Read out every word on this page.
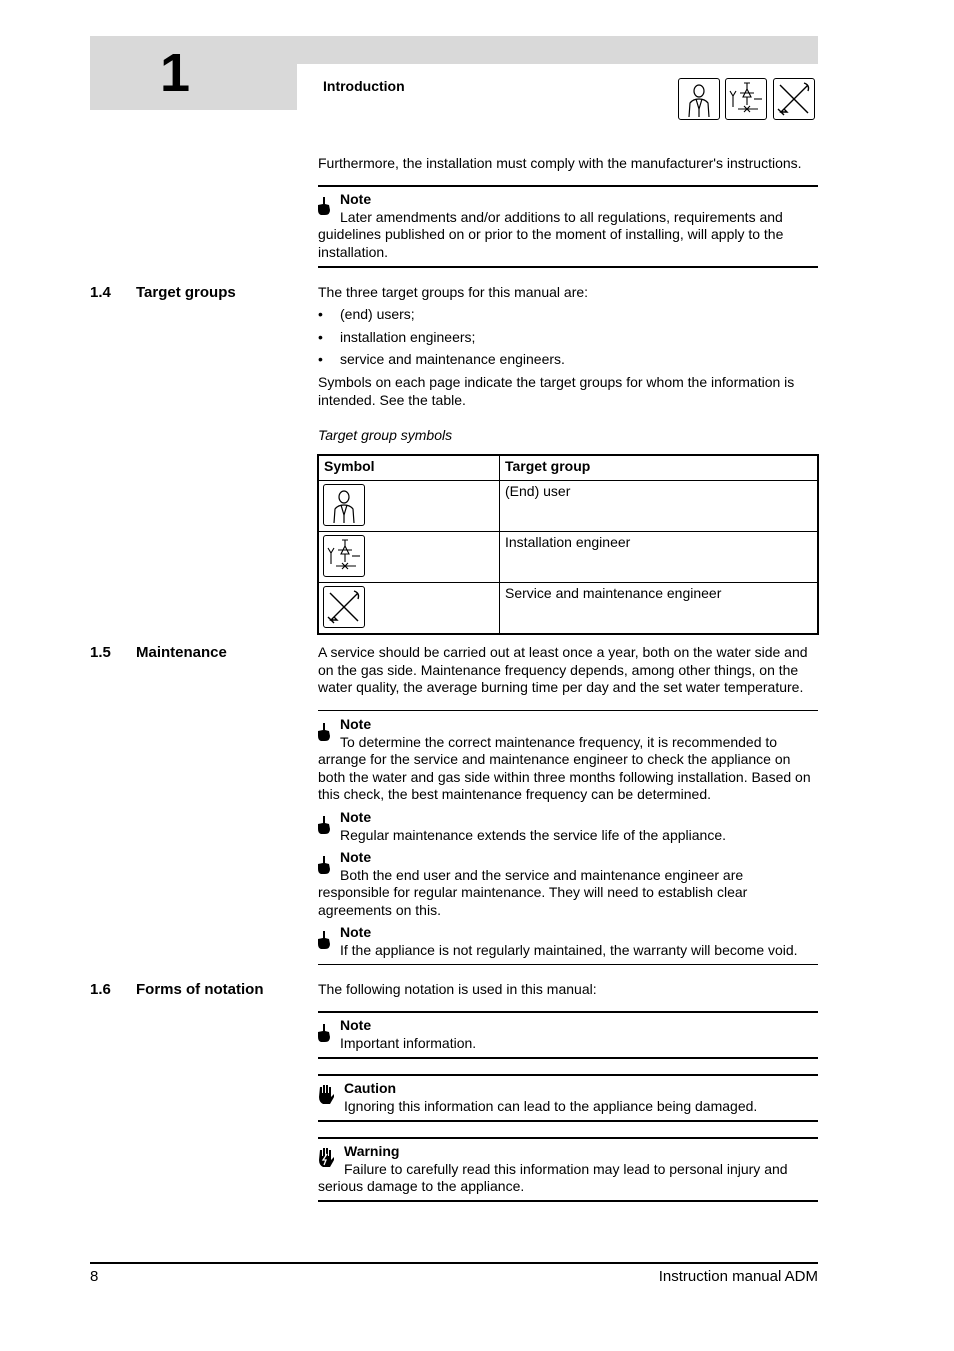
1	Introduction
Furthermore, the installation must comply with the manufacturer's instructions.
Note
Later amendments and/or additions to all regulations, requirements and
guidelines published on or prior to the moment of installing, will apply to the installation.
1.4 Target groups	The three target groups for this manual are:
• (end) users;
• installation engineers;
• service and maintenance engineers.
Symbols on each page indicate the target groups for whom the information is intended. See the table.
Target group symbols
Symbol	Target group

	(End) user

	Installation engineer

	Service and maintenance engineer
1.5 Maintenance	A service should be carried out at least once a year, both on the water side and on the gas side. Maintenance frequency depends, among other things, on the water quality, the average burning time per day and the set water temperature.
Note
To determine the correct maintenance frequency, it is recommended to
arrange for the service and maintenance engineer to check the appliance on both the water and gas side within three months following installation. Based on this check, the best maintenance frequency can be determined.
Note
Regular maintenance extends the service life of the appliance.
Note
Both the end user and the service and maintenance engineer are
responsible for regular maintenance. They will need to establish clear agreements on this.
Note
If the appliance is not regularly maintained, the warranty will become void.
1.6 Forms of notation	The following notation is used in this manual:
Note
Important information.
Caution
Ignoring this information can lead to the appliance being damaged.
Warning
Failure to carefully read this information may lead to personal injury and
serious damage to the appliance.
8	Instruction manual ADM
